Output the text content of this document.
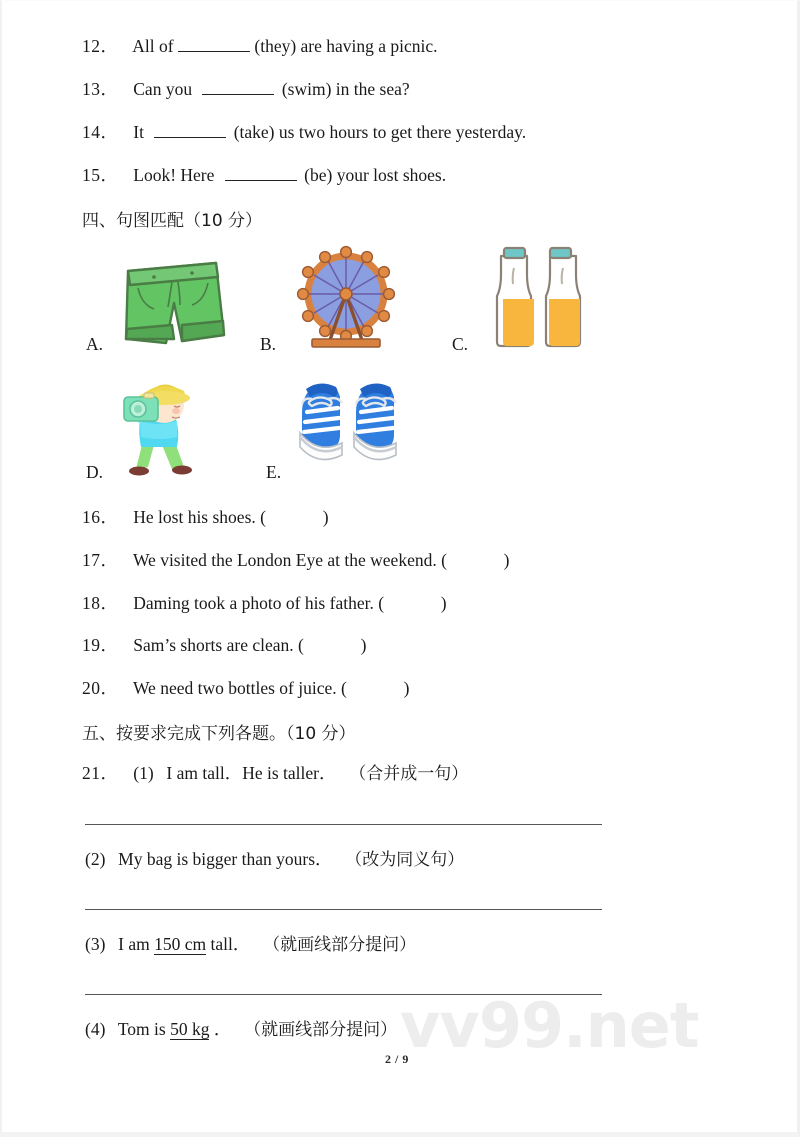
vv99.net
12． All of	(they) are having a picnic.
13． Can you	(swim) in the sea?
14． It	(take) us two hours to get there yesterday.
15． Look! Here	(be) your lost shoes.
四、句图匹配（10 分）
A.	B.	C.
D.	E.
16． He lost his shoes. (	)
17． We visited the London Eye at the weekend. (	)
18． Daming took a photo of his father. (	)
19． Sam’s shorts are clean. (	)
20． We need two bottles of juice. (	)
五、按要求完成下列各题。（10 分）
21． (1) I am tall．He is taller． （合并成一句）
(2) My bag is bigger than yours． （改为同义句）
(3) I am 150 cm tall． （就画线部分提问）
(4) Tom is 50 kg ． （就画线部分提问）
2 / 9
